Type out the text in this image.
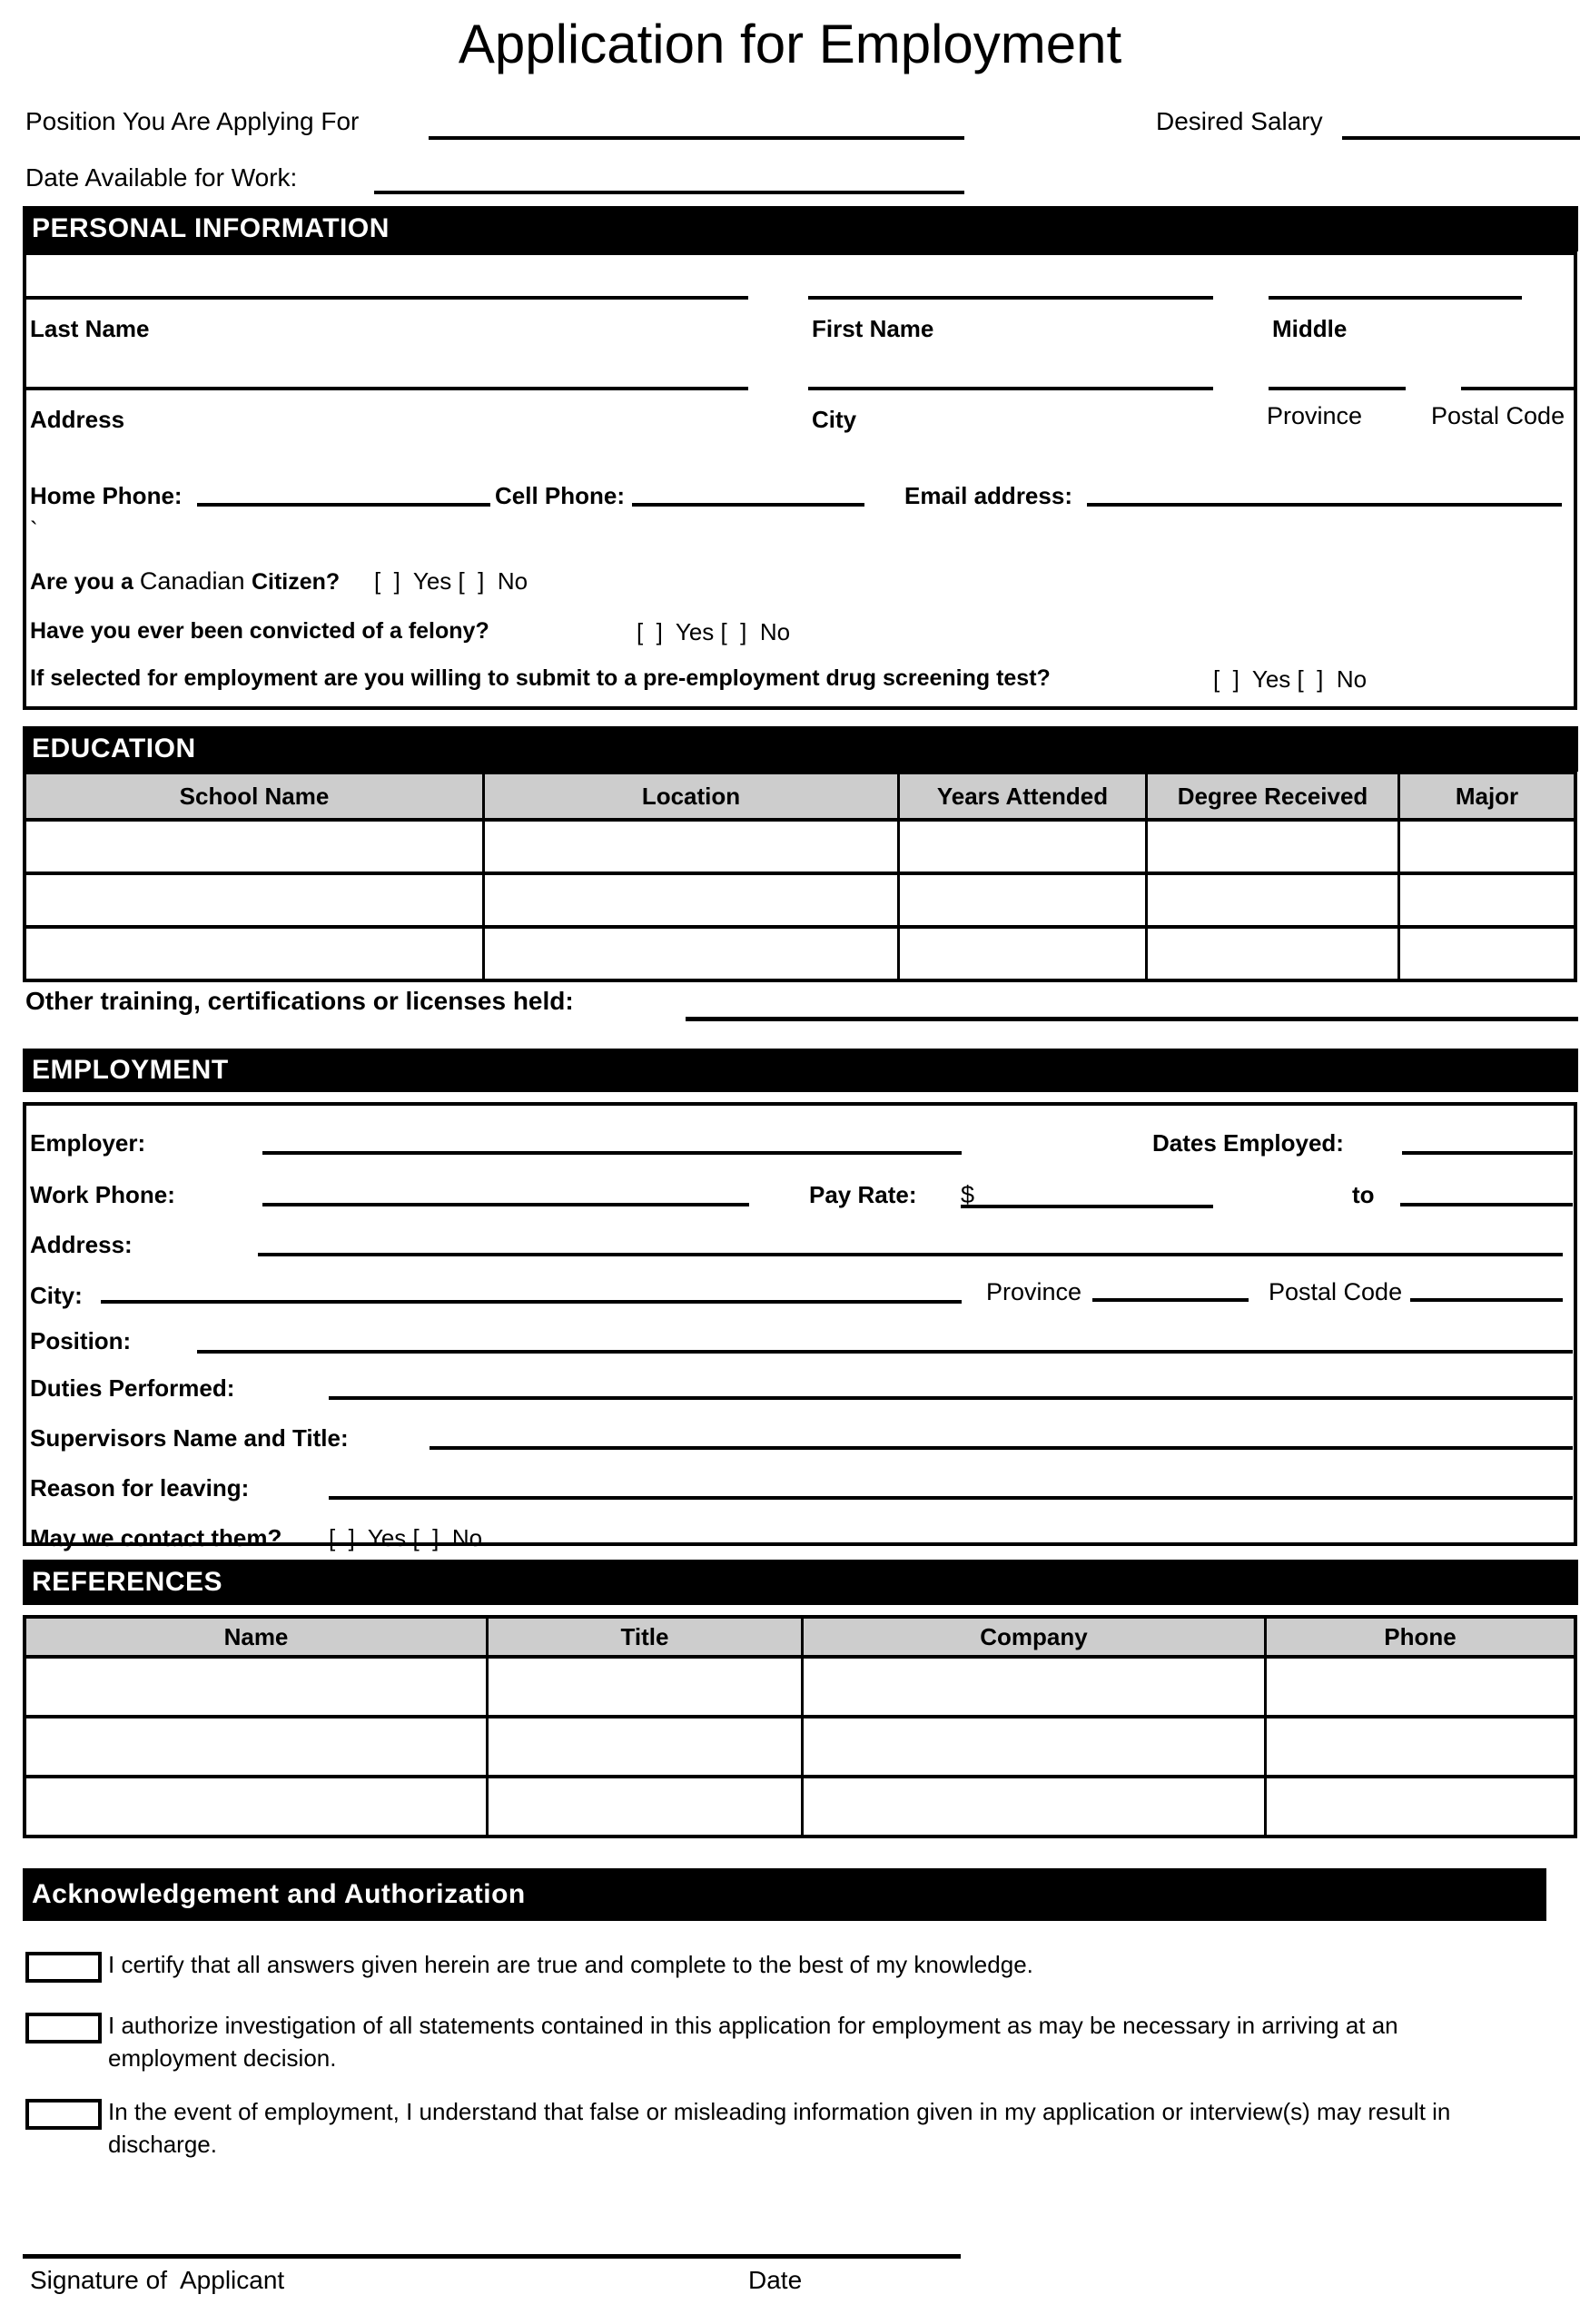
Application for Employment
Position You Are Applying For	Desired Salary
Date Available for Work:
PERSONAL INFORMATION
Last Name	First Name	Middle
Address	City	Province	Postal Code
Home Phone:	Cell Phone:	Email address:
`
Are you a Canadian Citizen? [  ]  Yes [  ]  No
Have you ever been convicted of a felony?	[  ]  Yes [  ]  No
If selected for employment are you willing to submit to a pre-employment drug screening test?	[  ]  Yes [  ]  No
EDUCATION
School Name	Location	Years Attended	Degree Received	Major
Other training, certifications or licenses held:
EMPLOYMENT
Employer:	Dates Employed:
Work Phone:	Pay Rate: $	to
Address:
City:	Province	Postal Code
Position:
Duties Performed:
Supervisors Name and Title:
Reason for leaving:
May we contact them? [  ]  Yes [  ]  No
REFERENCES
Name	Title	Company	Phone
Acknowledgement and Authorization
I certify that all answers given herein are true and complete to the best of my knowledge.
I authorize investigation of all statements contained in this application for employment as may be necessary in arriving at an employment decision.
In the event of employment, I understand that false or misleading information given in my application or interview(s) may result in discharge.
Signature of  Applicant	Date
